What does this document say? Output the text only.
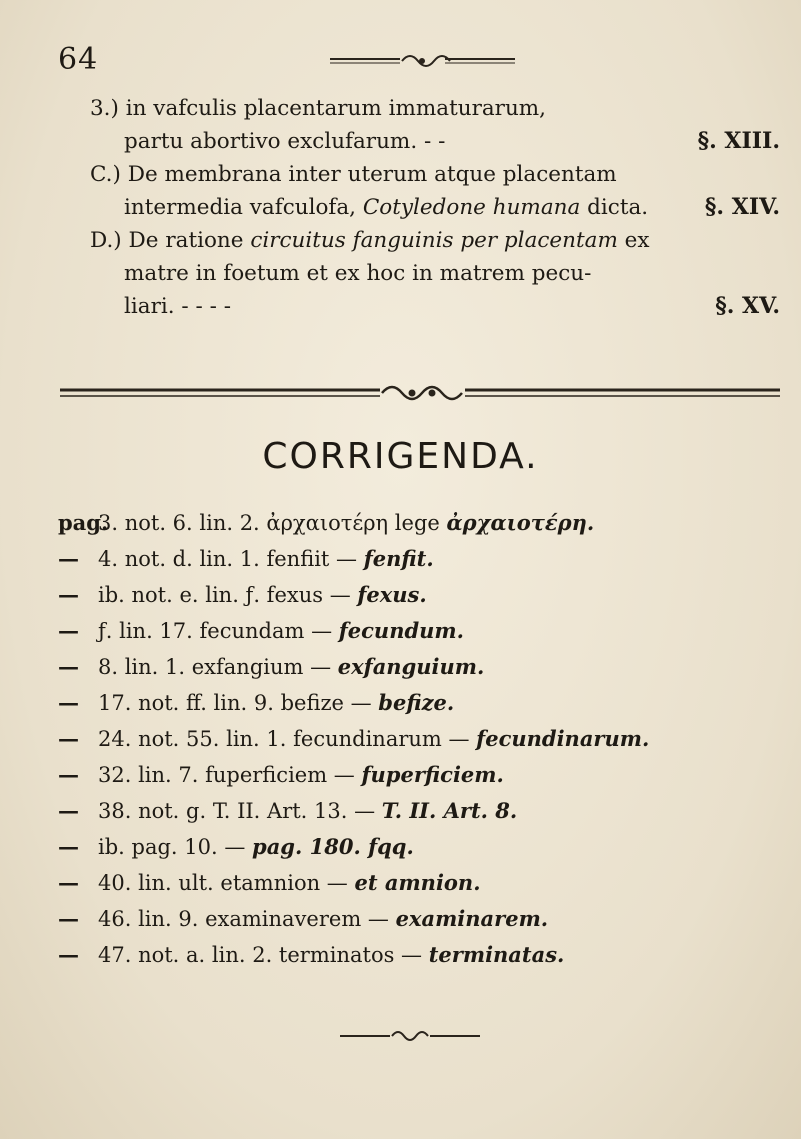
64
3.) in vafculis placentarum immaturarum,
partu abortivo exclufarum. - -	§. XIII.
C.) De membrana inter uterum atque placentam
intermedia vafculofa, Cotyledone humana dicta.	§. XIV.
D.) De ratione circuitus fanguinis per placentam ex
matre in foetum et ex hoc in matrem pecu-
liari. - - - -	§. XV.
CORRIGENDA.
pag.3. not. 6. lin. 2. ἀρχαιοτέρη lege ἀρχαιοτέρη.
— 4. not. d. lin. 1. fenfiit — fenfit.
— ib. not. e. lin. ƒ. fexus — fexus.
— ƒ. lin. 17. fecundam — fecundum.
— 8. lin. 1. exfangium — exfanguium.
— 17. not. ff. lin. 9. befize — befize.
— 24. not. 55. lin. 1. fecundinarum — fecundinarum.
— 32. lin. 7. fuperficiem — fuperficiem.
— 38. not. g. T. II. Art. 13. — T. II. Art. 8.
— ib. pag. 10. — pag. 180. fqq.
— 40. lin. ult. etamnion — et amnion.
— 46. lin. 9. examinaverem — examinarem.
— 47. not. a. lin. 2. terminatos — terminatas.
